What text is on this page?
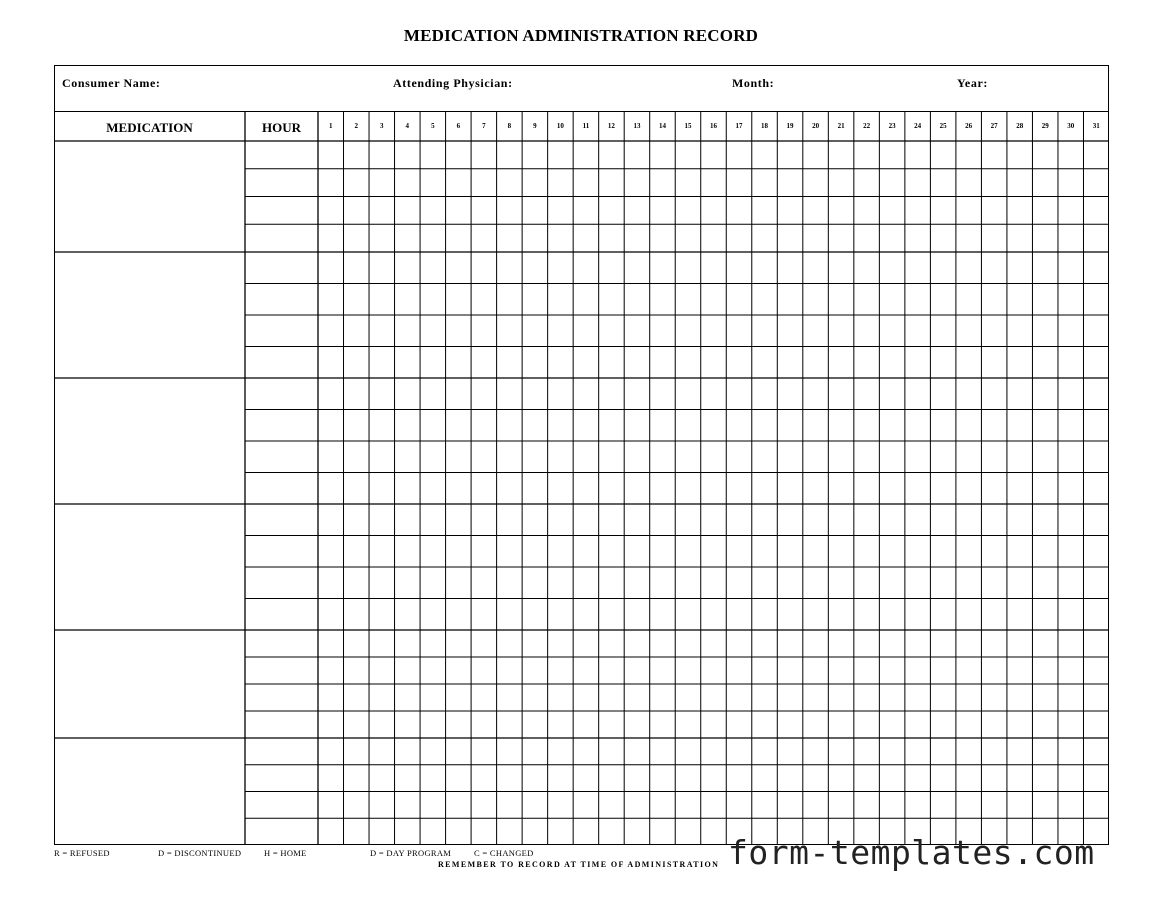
MEDICATION ADMINISTRATION RECORD
Consumer Name:	Attending Physician:	Month:	Year:
MEDICATION	HOUR	1	2	3	4	5	6	7	8	9	10	11	12	13	14	15	16	17	18	19	20	21	22	23	24	25	26	27	28	29	30	31
R = REFUSED	D = DISCONTINUED	H = HOME	D = DAY PROGRAM	C = CHANGED
REMEMBER TO RECORD AT TIME OF ADMINISTRATION form-templates.com
